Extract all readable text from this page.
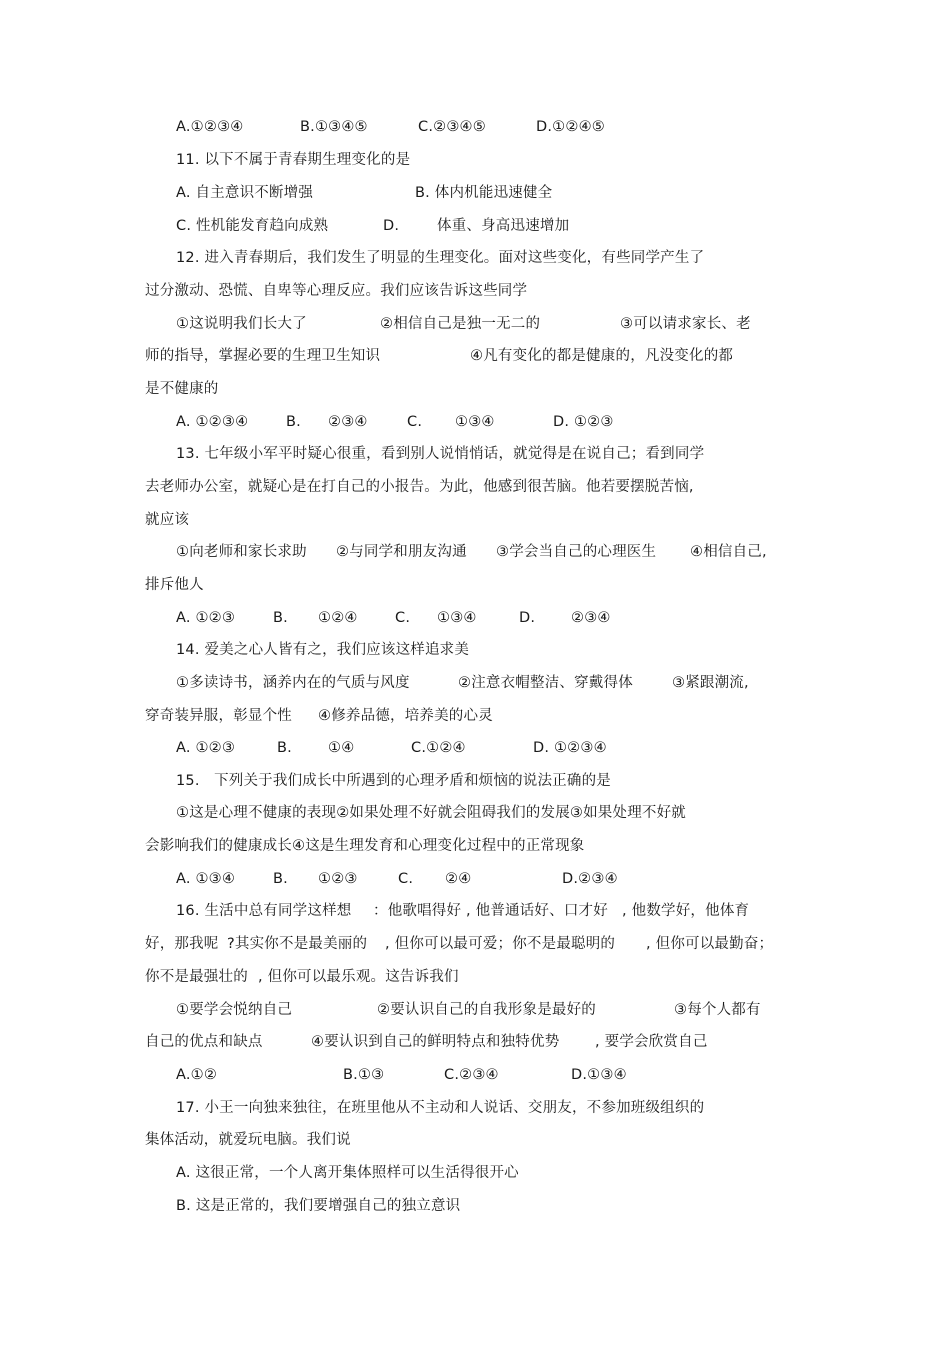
A.①②③④	B.①③④⑤	C.②③④⑤	D.①②④⑤
11. 以下不属于青春期生理变化的是
A. 自主意识不断增强	B. 体内机能迅速健全
C. 性机能发育趋向成熟	D.	体重、身高迅速增加
12. 进入青春期后，我们发生了明显的生理变化。面对这些变化，有些同学产生了
过分激动、恐慌、自卑等心理反应。我们应该告诉这些同学
①这说明我们长大了	②相信自己是独一无二的	③可以请求家长、老
师的指导，掌握必要的生理卫生知识	④凡有变化的都是健康的，凡没变化的都
是不健康的
A. ①②③④	B. ②③④	C. ①③④	D. ①②③
13. 七年级小军平时疑心很重，看到别人说悄悄话，就觉得是在说自己；看到同学
去老师办公室，就疑心是在打自己的小报告。为此，他感到很苦脑。他若要摆脱苦恼,
就应该
①向老师和家长求助 ②与同学和朋友沟通 ③学会当自己的心理医生 ④相信自己,
排斥他人
A. ①②③	B. ①②④	C. ①③④	D. ②③④
14. 爱美之心人皆有之，我们应该这样追求美
①多读诗书，涵养内在的气质与风度	②注意衣帽整洁、穿戴得体	③紧跟潮流,
穿奇装异服，彰显个性 ④修养品德，培养美的心灵
A. ①②③	B. ①④	C.①②④	D. ①②③④
15.   下列关于我们成长中所遇到的心理矛盾和烦恼的说法正确的是
①这是心理不健康的表现②如果处理不好就会阻碍我们的发展③如果处理不好就
会影响我们的健康成长④这是生理发育和心理变化过程中的正常现象
A. ①③④	B. ①②③	C. ②④	D.②③④
16. 生活中总有同学这样想 ：他歌唱得好 , 他普通话好、口才好 , 他数学好，他体育
好，那我呢 ?其实你不是最美丽的 , 但你可以最可爱；你不是最聪明的 , 但你可以最勤奋；
你不是最强壮的 , 但你可以最乐观。这告诉我们
①要学会悦纳自己	②要认识自己的自我形象是最好的	③每个人都有
自己的优点和缺点	④要认识到自己的鲜明特点和独特优势 , 要学会欣赏自己
A.①②	B.①③	C.②③④	D.①③④
17. 小王一向独来独往，在班里他从不主动和人说话、交朋友，不参加班级组织的
集体活动，就爱玩电脑。我们说
A. 这很正常，一个人离开集体照样可以生活得很开心
B. 这是正常的，我们要增强自己的独立意识
